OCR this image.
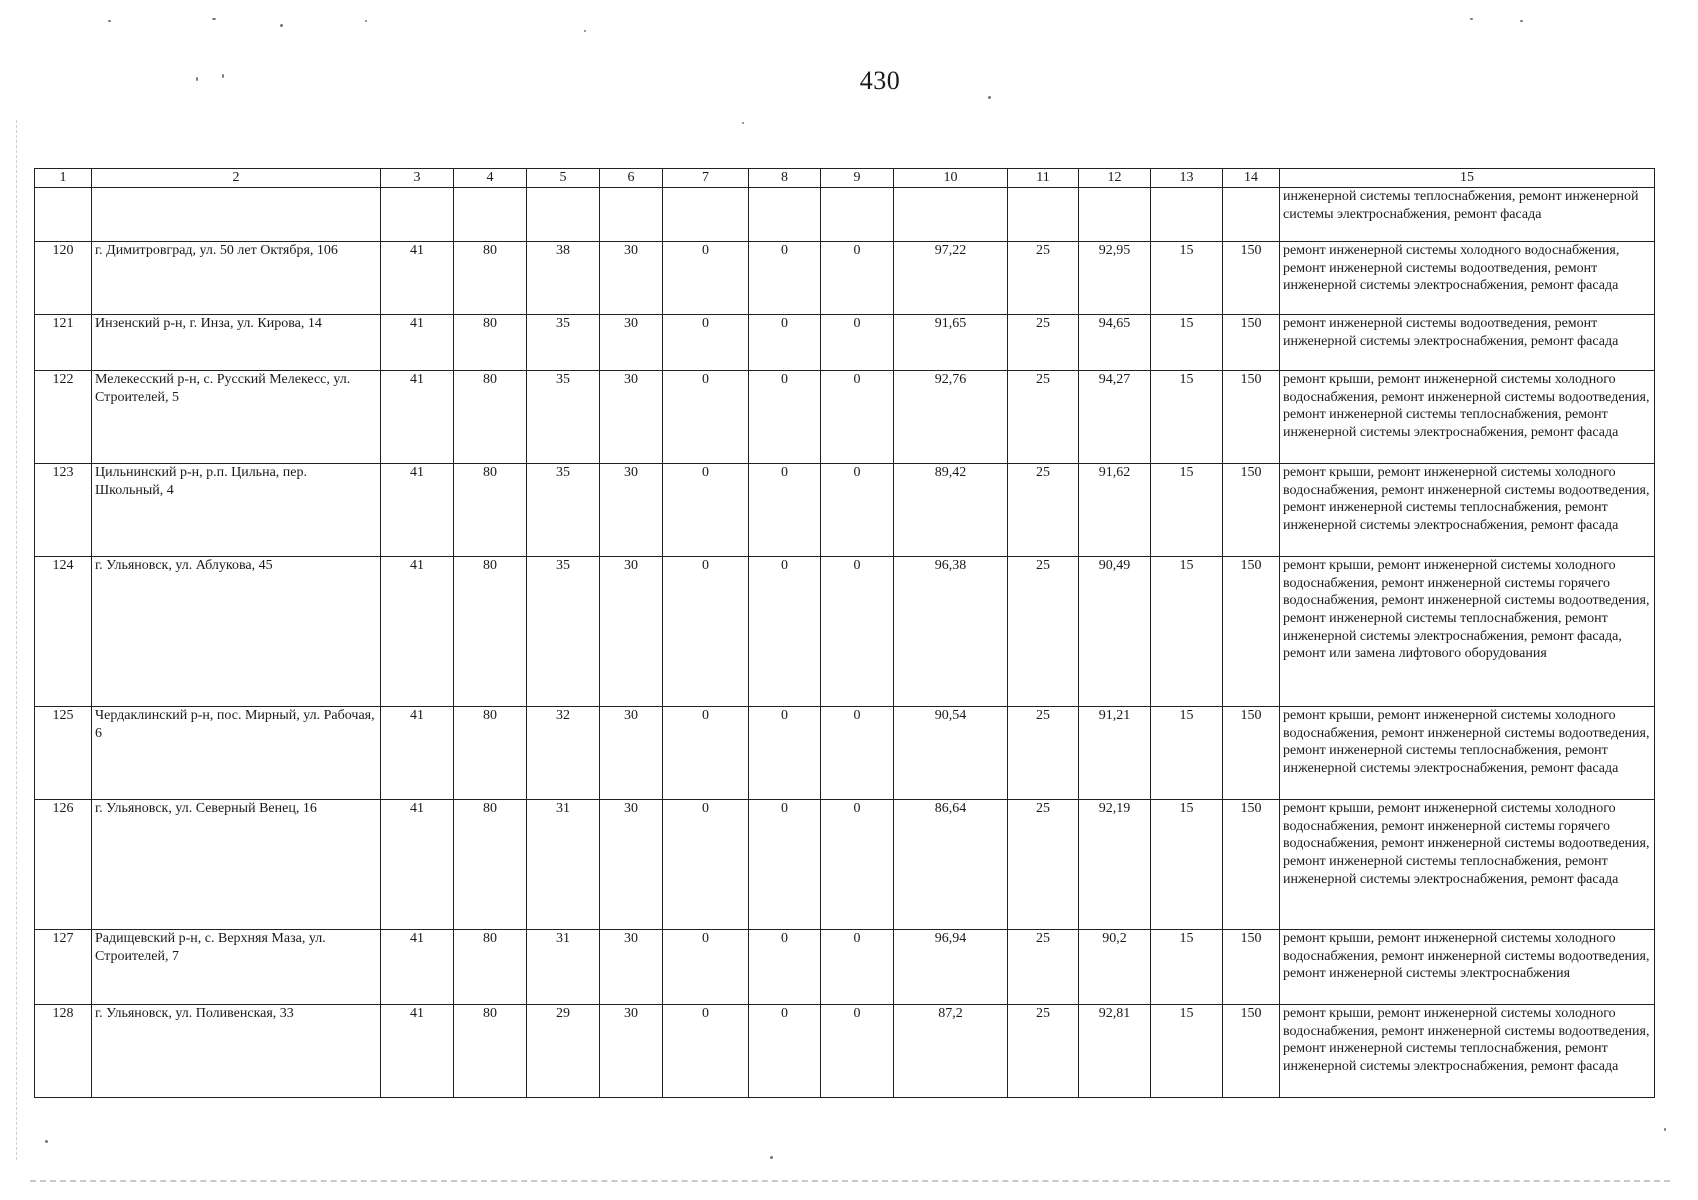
430
1	2	3	4	5	6	7	8	9	10	11	12	13	14	15
														инженерной системы теплоснабжения, ремонт инженерной системы электроснабжения, ремонт фасада
120	г. Димитровград, ул. 50 лет Октября, 106	41	80	38	30	0	0	0	97,22	25	92,95	15	150	ремонт инженерной системы холодного водоснабжения, ремонт инженерной системы водоотведения, ремонт инженерной системы электроснабжения, ремонт фасада
121	Инзенский р-н, г. Инза, ул. Кирова, 14	41	80	35	30	0	0	0	91,65	25	94,65	15	150	ремонт инженерной системы водоотведения, ремонт инженерной системы электроснабжения, ремонт фасада
122	Мелекесский р-н, с. Русский Мелекесс, ул. Строителей, 5	41	80	35	30	0	0	0	92,76	25	94,27	15	150	ремонт крыши, ремонт инженерной системы холодного водоснабжения, ремонт инженерной системы водоотведения, ремонт инженерной системы теплоснабжения, ремонт инженерной системы электроснабжения, ремонт фасада
123	Цильнинский р-н, р.п. Цильна, пер. Школьный, 4	41	80	35	30	0	0	0	89,42	25	91,62	15	150	ремонт крыши, ремонт инженерной системы холодного водоснабжения, ремонт инженерной системы водоотведения, ремонт инженерной системы теплоснабжения, ремонт инженерной системы электроснабжения, ремонт фасада
124	г. Ульяновск, ул. Аблукова, 45	41	80	35	30	0	0	0	96,38	25	90,49	15	150	ремонт крыши, ремонт инженерной системы холодного водоснабжения, ремонт инженерной системы горячего водоснабжения, ремонт инженерной системы водоотведения, ремонт инженерной системы теплоснабжения, ремонт инженерной системы электроснабжения, ремонт фасада, ремонт или замена лифтового оборудования
125	Чердаклинский р-н, пос. Мирный, ул. Рабочая, 6	41	80	32	30	0	0	0	90,54	25	91,21	15	150	ремонт крыши, ремонт инженерной системы холодного водоснабжения, ремонт инженерной системы водоотведения, ремонт инженерной системы теплоснабжения, ремонт инженерной системы электроснабжения, ремонт фасада
126	г. Ульяновск, ул. Северный Венец, 16	41	80	31	30	0	0	0	86,64	25	92,19	15	150	ремонт крыши, ремонт инженерной системы холодного водоснабжения, ремонт инженерной системы горячего водоснабжения, ремонт инженерной системы водоотведения, ремонт инженерной системы теплоснабжения, ремонт инженерной системы электроснабжения, ремонт фасада
127	Радищевский р-н, с. Верхняя Маза, ул. Строителей, 7	41	80	31	30	0	0	0	96,94	25	90,2	15	150	ремонт крыши, ремонт инженерной системы холодного водоснабжения, ремонт инженерной системы водоотведения, ремонт инженерной системы электроснабжения
128	г. Ульяновск, ул. Поливенская, 33	41	80	29	30	0	0	0	87,2	25	92,81	15	150	ремонт крыши, ремонт инженерной системы холодного водоснабжения, ремонт инженерной системы водоотведения, ремонт инженерной системы теплоснабжения, ремонт инженерной системы электроснабжения, ремонт фасада
